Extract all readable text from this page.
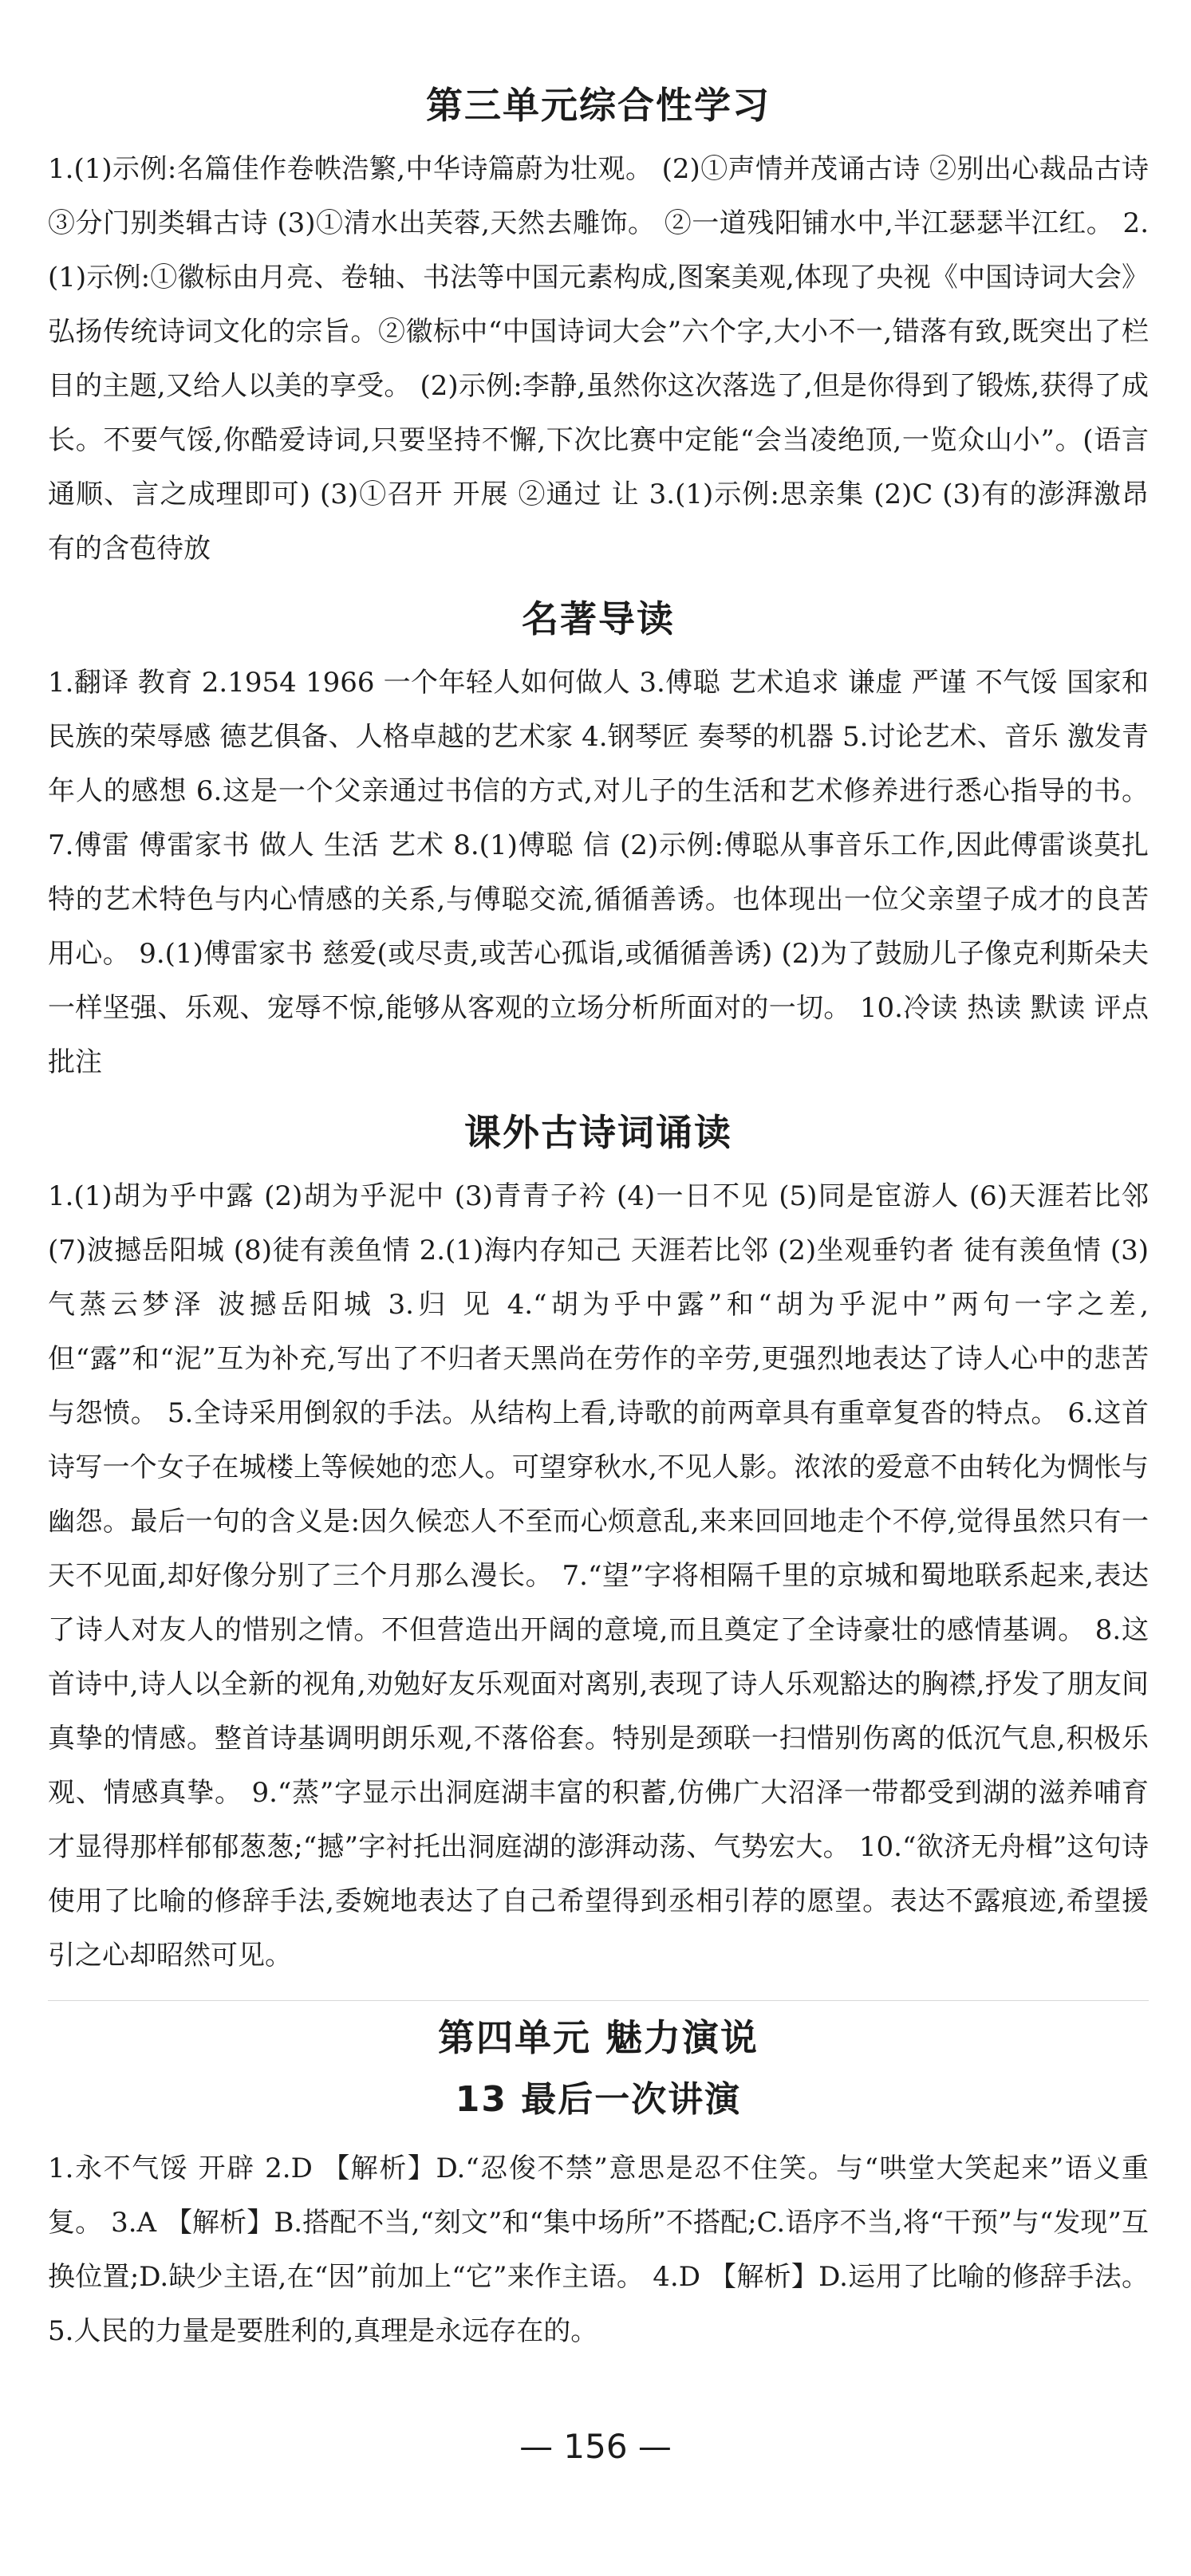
第三单元综合性学习

1.(1)示例:名篇佳作卷帙浩繁,中华诗篇蔚为壮观。 (2)①声情并茂诵古诗 ②别出心裁品古诗 ③分门别类辑古诗 (3)①清水出芙蓉,天然去雕饰。 ②一道残阳铺水中,半江瑟瑟半江红。 2.(1)示例:①徽标由月亮、卷轴、书法等中国元素构成,图案美观,体现了央视《中国诗词大会》弘扬传统诗词文化的宗旨。②徽标中“中国诗词大会”六个字,大小不一,错落有致,既突出了栏目的主题,又给人以美的享受。 (2)示例:李静,虽然你这次落选了,但是你得到了锻炼,获得了成长。不要气馁,你酷爱诗词,只要坚持不懈,下次比赛中定能“会当凌绝顶,一览众山小”。(语言通顺、言之成理即可) (3)①召开 开展 ②通过 让 3.(1)示例:思亲集 (2)C (3)有的澎湃激昂 有的含苞待放

名著导读

1.翻译 教育 2.1954 1966 一个年轻人如何做人 3.傅聪 艺术追求 谦虚 严谨 不气馁 国家和民族的荣辱感 德艺俱备、人格卓越的艺术家 4.钢琴匠 奏琴的机器 5.讨论艺术、音乐 激发青年人的感想 6.这是一个父亲通过书信的方式,对儿子的生活和艺术修养进行悉心指导的书。 7.傅雷 傅雷家书 做人 生活 艺术 8.(1)傅聪 信 (2)示例:傅聪从事音乐工作,因此傅雷谈莫扎特的艺术特色与内心情感的关系,与傅聪交流,循循善诱。也体现出一位父亲望子成才的良苦用心。 9.(1)傅雷家书 慈爱(或尽责,或苦心孤诣,或循循善诱) (2)为了鼓励儿子像克利斯朵夫一样坚强、乐观、宠辱不惊,能够从客观的立场分析所面对的一切。 10.冷读 热读 默读 评点批注

课外古诗词诵读

1.(1)胡为乎中露 (2)胡为乎泥中 (3)青青子衿 (4)一日不见 (5)同是宦游人 (6)天涯若比邻 (7)波撼岳阳城 (8)徒有羡鱼情 2.(1)海内存知己 天涯若比邻 (2)坐观垂钓者 徒有羡鱼情 (3)气蒸云梦泽 波撼岳阳城 3.归 见 4.“胡为乎中露”和“胡为乎泥中”两句一字之差,但“露”和“泥”互为补充,写出了不归者天黑尚在劳作的辛劳,更强烈地表达了诗人心中的悲苦与怨愤。 5.全诗采用倒叙的手法。从结构上看,诗歌的前两章具有重章复沓的特点。 6.这首诗写一个女子在城楼上等候她的恋人。可望穿秋水,不见人影。浓浓的爱意不由转化为惆怅与幽怨。最后一句的含义是:因久候恋人不至而心烦意乱,来来回回地走个不停,觉得虽然只有一天不见面,却好像分别了三个月那么漫长。 7.“望”字将相隔千里的京城和蜀地联系起来,表达了诗人对友人的惜别之情。不但营造出开阔的意境,而且奠定了全诗豪壮的感情基调。 8.这首诗中,诗人以全新的视角,劝勉好友乐观面对离别,表现了诗人乐观豁达的胸襟,抒发了朋友间真挚的情感。整首诗基调明朗乐观,不落俗套。特别是颈联一扫惜别伤离的低沉气息,积极乐观、情感真挚。 9.“蒸”字显示出洞庭湖丰富的积蓄,仿佛广大沼泽一带都受到湖的滋养哺育才显得那样郁郁葱葱;“撼”字衬托出洞庭湖的澎湃动荡、气势宏大。 10.“欲济无舟楫”这句诗使用了比喻的修辞手法,委婉地表达了自己希望得到丞相引荐的愿望。表达不露痕迹,希望援引之心却昭然可见。

第四单元 魅力演说
13 最后一次讲演

1.永不气馁 开辟 2.D 【解析】D.“忍俊不禁”意思是忍不住笑。与“哄堂大笑起来”语义重复。 3.A 【解析】B.搭配不当,“刻文”和“集中场所”不搭配;C.语序不当,将“干预”与“发现”互换位置;D.缺少主语,在“因”前加上“它”来作主语。 4.D 【解析】D.运用了比喻的修辞手法。 5.人民的力量是要胜利的,真理是永远存在的。

— 156 —
